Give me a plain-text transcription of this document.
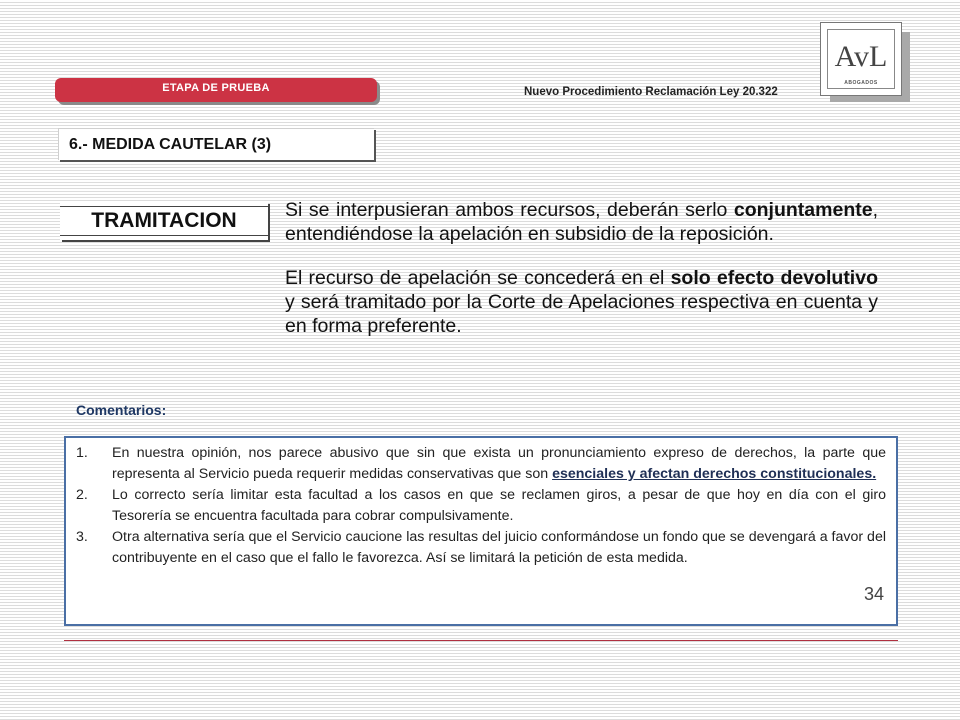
ETAPA DE PRUEBA	Nuevo Procedimiento Reclamación Ley 20.322
AvL
ABOGADOS
6.- MEDIDA CAUTELAR (3)
TRAMITACION	Si se interpusieran ambos recursos, deberán serlo conjuntamente, entendiéndose la apelación en subsidio de la reposición.

El recurso de apelación se concederá en el solo efecto devolutivo y será tramitado por la Corte de Apelaciones respectiva en cuenta y en forma preferente.

Comentarios:
1. En nuestra opinión, nos parece abusivo que sin que exista un pronunciamiento expreso de derechos, la parte que representa al Servicio pueda requerir medidas conservativas que son esenciales y afectan derechos constitucionales.
2. Lo correcto sería limitar esta facultad a los casos en que se reclamen giros, a pesar de que hoy en día con el giro Tesorería se encuentra facultada para cobrar compulsivamente.
3. Otra alternativa sería que el Servicio caucione las resultas del juicio conformándose un fondo que se devengará a favor del contribuyente en el caso que el fallo le favorezca. Así se limitará la petición de esta medida.
34
